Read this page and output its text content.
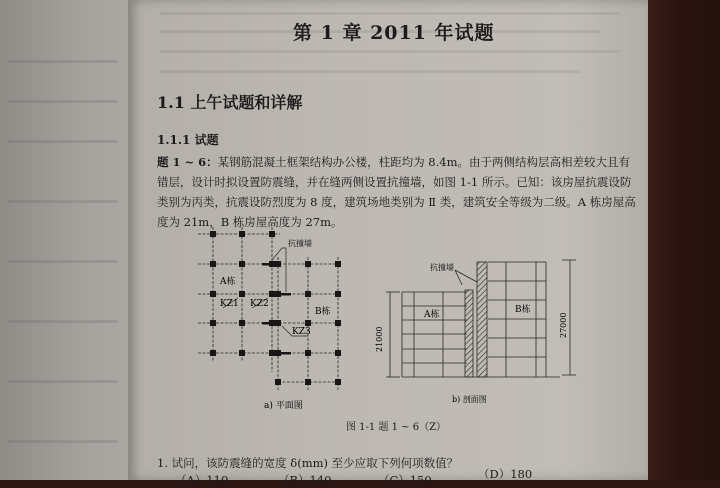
第 1 章 2011 年试题
1.1 上午试题和详解
1.1.1 试题
题 1 ~ 6：某钢筋混凝土框架结构办公楼，柱距均为 8.4m。由于两侧结构层高相差较大且有错层，设计时拟设置防震缝，并在缝两侧设置抗撞墙，如图 1-1 所示。已知：该房屋抗震设防类别为丙类，抗震设防烈度为 8 度，建筑场地类别为 Ⅱ 类，建筑安全等级为二级。A 栋房屋高度为 21m，B 栋房屋高度为 27m。
抗撞墙
A栋
B栋
KZ1 KZ2
KZ3
a) 平面图
抗撞墙
A栋	B栋
21000
27000
b) 剖面图
图 1-1 题 1 ~ 6（Z）
1. 试问，该防震缝的宽度 δ(mm) 至少应取下列何项数值？
（A）110	（B）140	（C）150	（D）180
